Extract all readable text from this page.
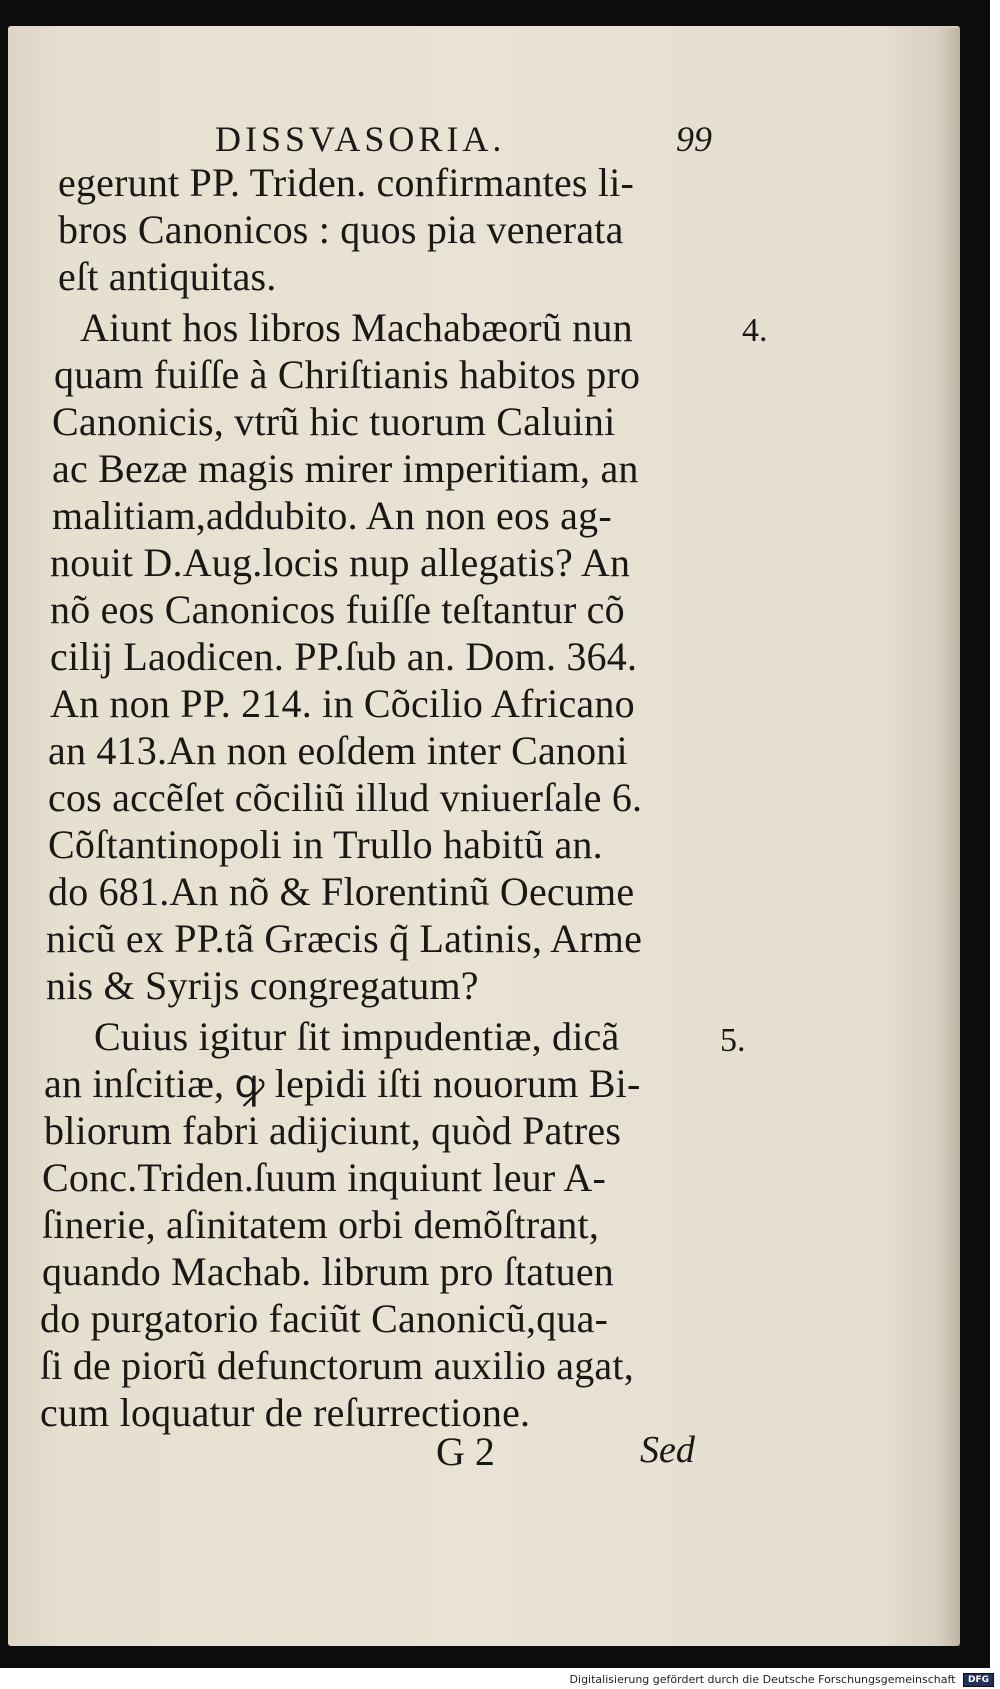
DISSVASORIA.	99
egerunt PP. Triden. confirmantes li-
bros Canonicos : quos pia venerata
eſt antiquitas.
Aiunt hos libros Machabæorũ nun
quam fuiſſe à Chriſtianis habitos pro
Canonicis, vtrũ hic tuorum Caluini
ac Bezæ magis mirer imperitiam, an
malitiam,addubito. An non eos ag-
nouit D.Aug.locis nup allegatis? An
nõ eos Canonicos fuiſſe teſtantur cõ
cilij Laodicen. PP.ſub an. Dom. 364.
An non PP. 214. in Cõcilio Africano
an 413.An non eoſdem inter Canoni
cos accẽſet cõciliũ illud vniuerſale 6.
Cõſtantinopoli in Trullo habitũ an.
do 681.An nõ & Florentinũ Oecume
nicũ ex PP.tã Græcis q̃ Latinis, Arme
nis & Syrijs congregatum?
Cuius igitur ſit impudentiæ, dicã
an inſcitiæ, ꝙ lepidi iſti nouorum Bi-
bliorum fabri adijciunt, quòd Patres
Conc.Triden.ſuum inquiunt leur A-
ſinerie, aſinitatem orbi demõſtrant,
quando Machab. librum pro ſtatuen
do purgatorio faciũt Canonicũ,qua-
ſi de piorũ defunctorum auxilio agat,
cum loquatur de reſurrectione.
4.
5.
G 2	Sed
Digitalisierung gefördert durch die Deutsche Forschungsgemeinschaft DFG
